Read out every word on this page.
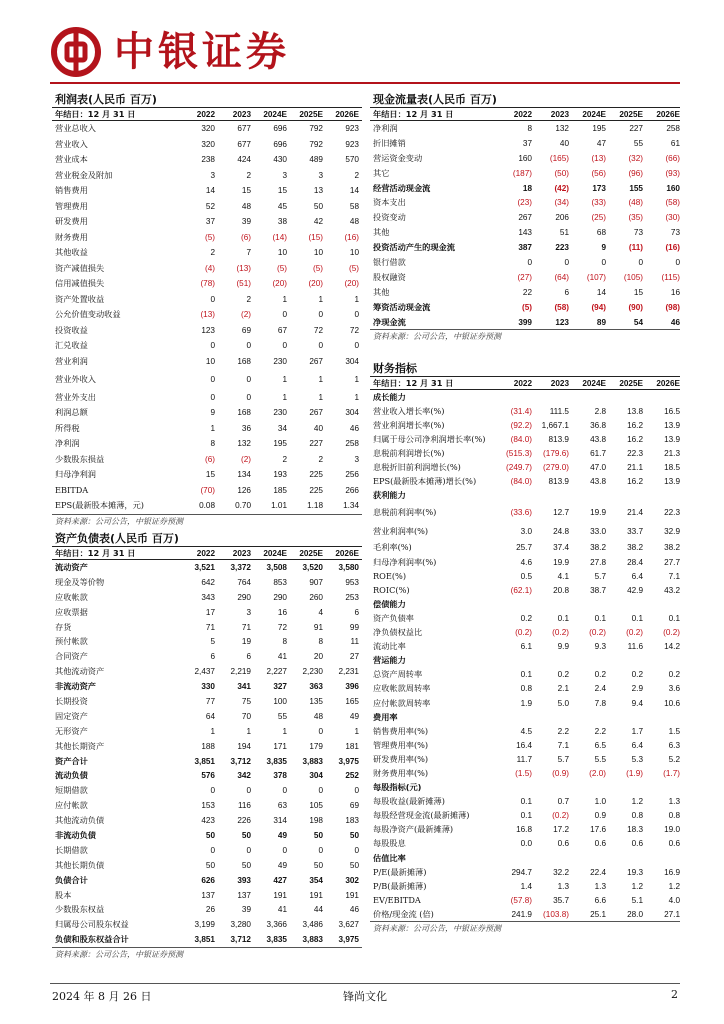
中银证券
利润表(人民币 百万)
年结日：12 月 31 日	2022	2023	2024E	2025E	2026E
营业总收入	320	677	696	792	923
营业收入	320	677	696	792	923
营业成本	238	424	430	489	570
营业税金及附加	3	2	3	3	2
销售费用	14	15	15	13	14
管理费用	52	48	45	50	58
研发费用	37	39	38	42	48
财务费用	(5)	(6)	(14)	(15)	(16)
其他收益	2	7	10	10	10
资产减值损失	(4)	(13)	(5)	(5)	(5)
信用减值损失	(78)	(51)	(20)	(20)	(20)
资产处置收益	0	2	1	1	1
公允价值变动收益	(13)	(2)	0	0	0
投资收益	123	69	67	72	72
汇兑收益	0	0	0	0	0
营业利润	10	168	230	267	304
营业外收入	0	0	1	1	1
营业外支出	0	0	1	1	1
利润总额	9	168	230	267	304
所得税	1	36	34	40	46
净利润	8	132	195	227	258
少数股东损益	(6)	(2)	2	2	3
归母净利润	15	134	193	225	256
EBITDA	(70)	126	185	225	266
EPS(最新股本摊薄，元)	0.08	0.70	1.01	1.18	1.34
资料来源：公司公告，中银证券预测
资产负债表(人民币 百万)
年结日：12 月 31 日	2022	2023	2024E	2025E	2026E
流动资产	3,521	3,372	3,508	3,520	3,580
现金及等价物	642	764	853	907	953
应收帐款	343	290	290	260	253
应收票据	17	3	16	4	6
存货	71	71	72	91	99
预付帐款	5	19	8	8	11
合同资产	6	6	41	20	27
其他流动资产	2,437	2,219	2,227	2,230	2,231
非流动资产	330	341	327	363	396
长期投资	77	75	100	135	165
固定资产	64	70	55	48	49
无形资产	1	1	1	0	1
其他长期资产	188	194	171	179	181
资产合计	3,851	3,712	3,835	3,883	3,975
流动负债	576	342	378	304	252
短期借款	0	0	0	0	0
应付帐款	153	116	63	105	69
其他流动负债	423	226	314	198	183
非流动负债	50	50	49	50	50
长期借款	0	0	0	0	0
其他长期负债	50	50	49	50	50
负债合计	626	393	427	354	302
股本	137	137	191	191	191
少数股东权益	26	39	41	44	46
归属母公司股东权益	3,199	3,280	3,366	3,486	3,627
负债和股东权益合计	3,851	3,712	3,835	3,883	3,975
资料来源：公司公告，中银证券预测
现金流量表(人民币 百万)
年结日：12 月 31 日	2022	2023	2024E	2025E	2026E
净利润	8	132	195	227	258
折旧摊销	37	40	47	55	61
营运资金变动	160	(165)	(13)	(32)	(66)
其它	(187)	(50)	(56)	(96)	(93)
经营活动现金流	18	(42)	173	155	160
资本支出	(23)	(34)	(33)	(48)	(58)
投资变动	267	206	(25)	(35)	(30)
其他	143	51	68	73	73
投资活动产生的现金流	387	223	9	(11)	(16)
银行借款	0	0	0	0	0
股权融资	(27)	(64)	(107)	(105)	(115)
其他	22	6	14	15	16
筹资活动现金流	(5)	(58)	(94)	(90)	(98)
净现金流	399	123	89	54	46
资料来源：公司公告，中银证券预测
财务指标
年结日：12 月 31 日	2022	2023	2024E	2025E	2026E
成长能力
营业收入增长率(%)	(31.4)	111.5	2.8	13.8	16.5
营业利润增长率(%)	(92.2)	1,667.1	36.8	16.2	13.9
归属于母公司净利润增长率(%)	(84.0)	813.9	43.8	16.2	13.9
息税前利润增长(%)	(515.3)	(179.6)	61.7	22.3	21.3
息税折旧前利润增长(%)	(249.7)	(279.0)	47.0	21.1	18.5
EPS(最新股本摊薄)增长(%)	(84.0)	813.9	43.8	16.2	13.9
获利能力
息税前利润率(%)	(33.6)	12.7	19.9	21.4	22.3
营业利润率(%)	3.0	24.8	33.0	33.7	32.9
毛利率(%)	25.7	37.4	38.2	38.2	38.2
归母净利润率(%)	4.6	19.9	27.8	28.4	27.7
ROE(%)	0.5	4.1	5.7	6.4	7.1
ROIC(%)	(62.1)	20.8	38.7	42.9	43.2
偿债能力
资产负债率	0.2	0.1	0.1	0.1	0.1
净负债权益比	(0.2)	(0.2)	(0.2)	(0.2)	(0.2)
流动比率	6.1	9.9	9.3	11.6	14.2
营运能力
总资产周转率	0.1	0.2	0.2	0.2	0.2
应收帐款周转率	0.8	2.1	2.4	2.9	3.6
应付帐款周转率	1.9	5.0	7.8	9.4	10.6
费用率
销售费用率(%)	4.5	2.2	2.2	1.7	1.5
管理费用率(%)	16.4	7.1	6.5	6.4	6.3
研发费用率(%)	11.7	5.7	5.5	5.3	5.2
财务费用率(%)	(1.5)	(0.9)	(2.0)	(1.9)	(1.7)
每股指标(元)
每股收益(最新摊薄)	0.1	0.7	1.0	1.2	1.3
每股经营现金流(最新摊薄)	0.1	(0.2)	0.9	0.8	0.8
每股净资产(最新摊薄)	16.8	17.2	17.6	18.3	19.0
每股股息	0.0	0.6	0.6	0.6	0.6
估值比率
P/E(最新摊薄)	294.7	32.2	22.4	19.3	16.9
P/B(最新摊薄)	1.4	1.3	1.3	1.2	1.2
EV/EBITDA	(57.8)	35.7	6.6	5.1	4.0
价格/现金流 (倍)	241.9	(103.8)	25.1	28.0	27.1
资料来源：公司公告，中银证券预测
2024 年 8 月 26 日	锋尚文化	2
